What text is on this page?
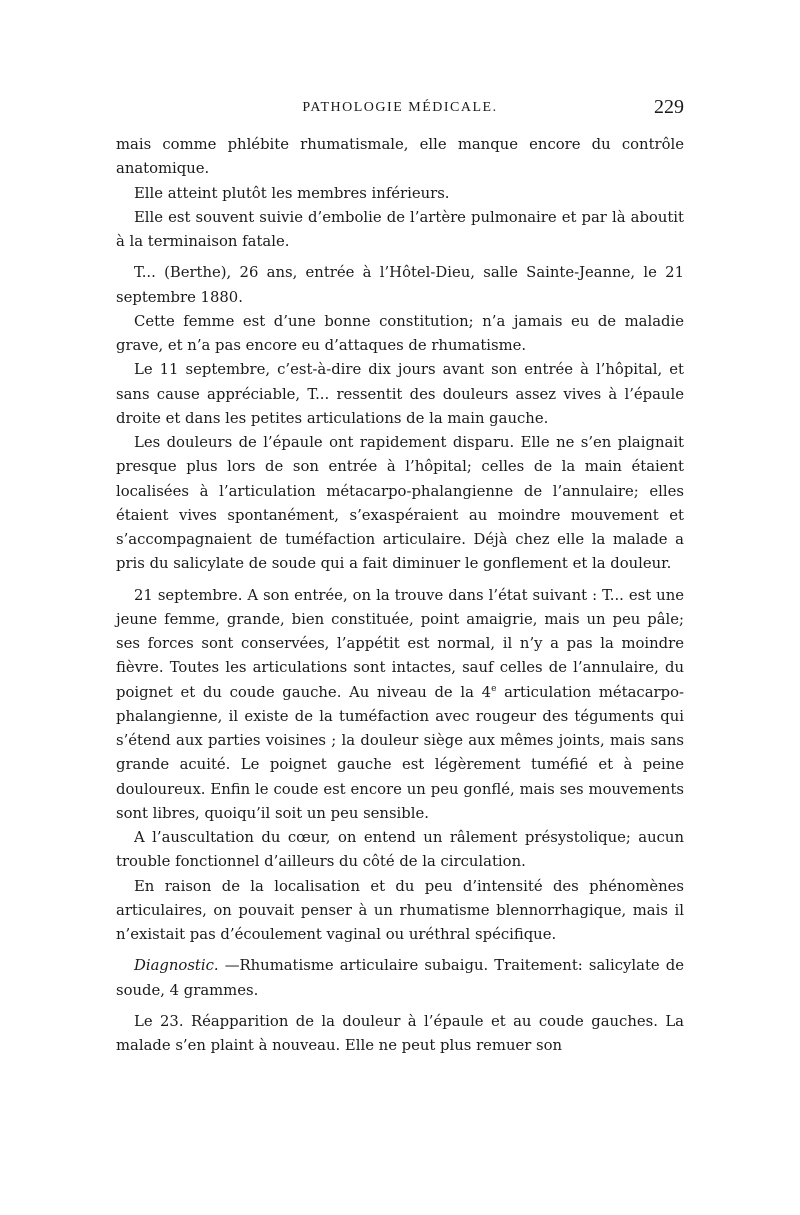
PATHOLOGIE MÉDICALE.	229

mais comme phlébite rhumatismale, elle manque encore du contrôle anatomique.

Elle atteint plutôt les membres inférieurs.

Elle est souvent suivie d’embolie de l’artère pulmonaire et par là aboutit à la terminaison fatale.

T... (Berthe), 26 ans, entrée à l’Hôtel-Dieu, salle Sainte-Jeanne, le 21 septembre 1880.

Cette femme est d’une bonne constitution; n’a jamais eu de maladie grave, et n’a pas encore eu d’attaques de rhumatisme.

Le 11 septembre, c’est-à-dire dix jours avant son entrée à l’hôpital, et sans cause appréciable, T... ressentit des douleurs assez vives à l’épaule droite et dans les petites articulations de la main gauche.

Les douleurs de l’épaule ont rapidement disparu. Elle ne s’en plaignait presque plus lors de son entrée à l’hôpital; celles de la main étaient localisées à l’articulation métacarpo-phalangienne de l’annulaire; elles étaient vives spontanément, s’exaspéraient au moindre mouvement et s’accompagnaient de tuméfaction articulaire. Déjà chez elle la malade a pris du salicylate de soude qui a fait diminuer le gonflement et la douleur.

21 septembre. A son entrée, on la trouve dans l’état suivant : T... est une jeune femme, grande, bien constituée, point amaigrie, mais un peu pâle; ses forces sont conservées, l’appétit est normal, il n’y a pas la moindre fièvre. Toutes les articulations sont intactes, sauf celles de l’annulaire, du poignet et du coude gauche. Au niveau de la 4e articulation métacarpo-phalangienne, il existe de la tuméfaction avec rougeur des téguments qui s’étend aux parties voisines ; la douleur siège aux mêmes joints, mais sans grande acuité. Le poignet gauche est légèrement tuméfié et à peine douloureux. Enfin le coude est encore un peu gonflé, mais ses mouvements sont libres, quoiqu’il soit un peu sensible.

A l’auscultation du cœur, on entend un râlement présystolique; aucun trouble fonctionnel d’ailleurs du côté de la circulation.

En raison de la localisation et du peu d’intensité des phénomènes articulaires, on pouvait penser à un rhumatisme blennorrhagique, mais il n’existait pas d’écoulement vaginal ou uréthral spécifique.

Diagnostic. —Rhumatisme articulaire subaigu. Traitement: salicylate de soude, 4 grammes.

Le 23. Réapparition de la douleur à l’épaule et au coude gauches. La malade s’en plaint à nouveau. Elle ne peut plus remuer son
